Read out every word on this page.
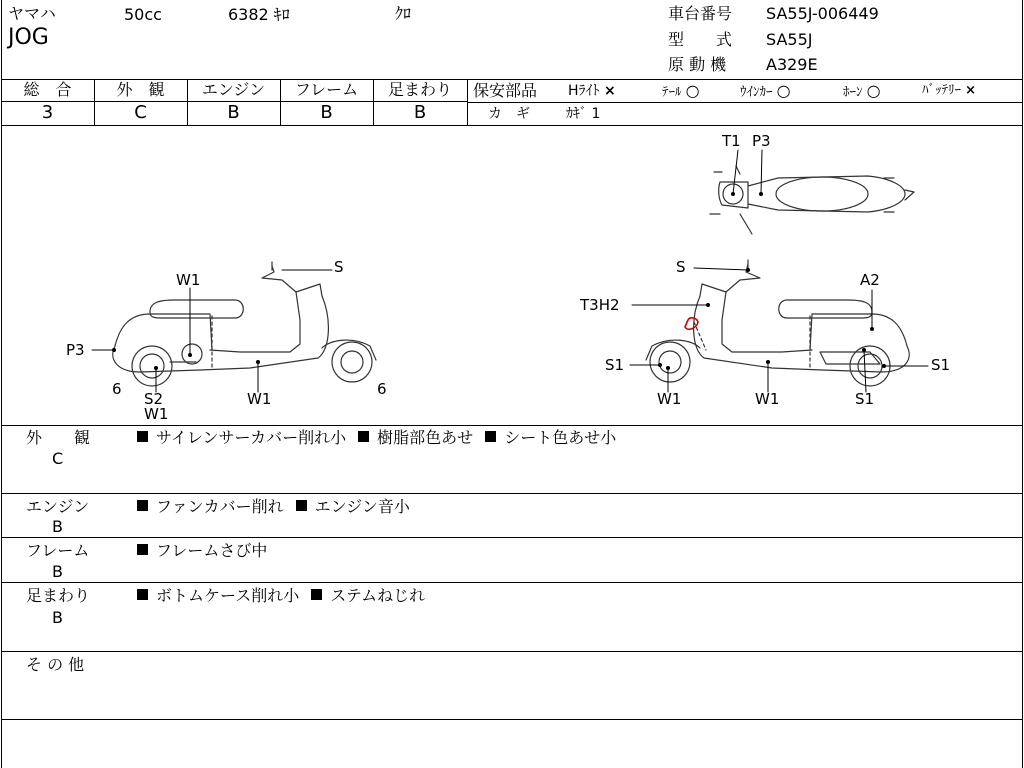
ヤマハ	50cc	6382 ｷﾛ	ｸﾛ
JOG
車台番号 SA55J-006449
型　　式 SA55J
原 動 機 A329E
総　合	外　観	エンジン	フレーム	足まわり
3	C	B	B	B
保安部品 Hﾗｲﾄ ×	ﾃｰﾙ ○	ｳｲﾝｶｰ ○	ﾎｰﾝ ○	ﾊﾞｯﾃﾘｰ ×
カ　ギ	ｶｷﾞ 1
T1 P3
W1
S
P3
6
S2
W1
W1
6
S
A2
T3H2
S1	S1
W1	W1	S1
外　　観
C
サイレンサーカバー削れ小 樹脂部色あせ シート色あせ小
エンジン
B
ファンカバー削れ エンジン音小
フレーム
B
フレームさび中
足まわり
B
ボトムケース削れ小 ステムねじれ
そ の 他
